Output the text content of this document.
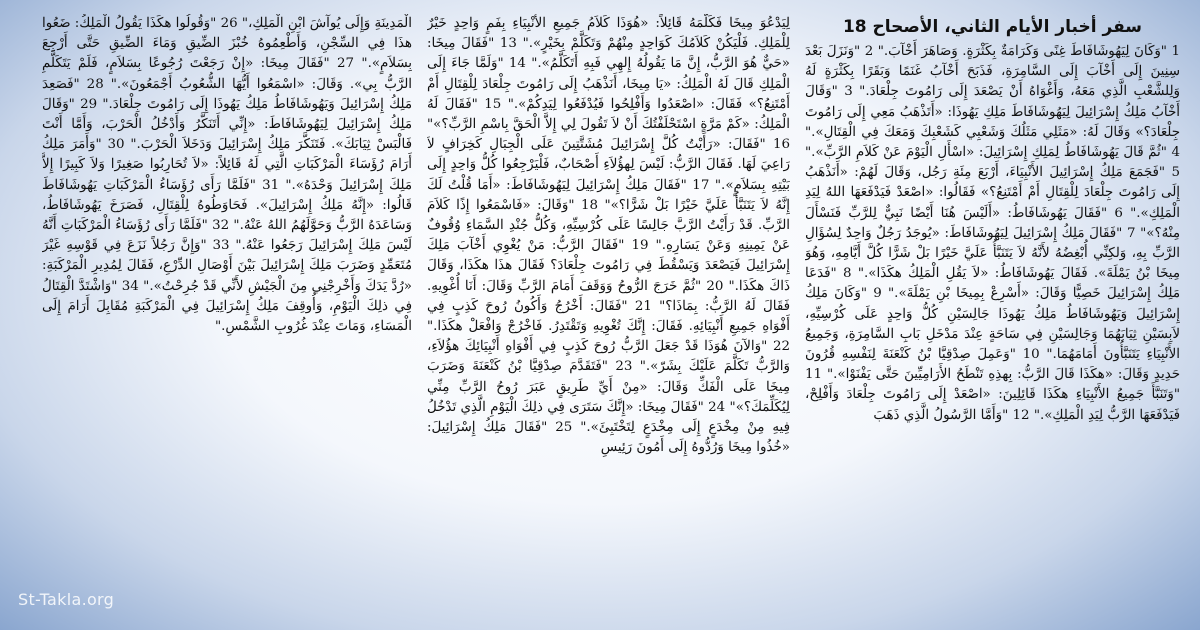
سفر أخبار الأيام الثاني، الأصحاح 18

1 "وَكَانَ لِيَهُوشَافَاطَ غِنًى وَكَرَامَةٌ بِكَثْرَةٍ. وَصَاهَرَ أَخْآبَ." 2 "وَنَزَلَ بَعْدَ سِنِينَ إِلَى أَخْآبَ إِلَى السَّامِرَةِ، فَذَبَحَ أَخْآبُ غَنَمًا وَبَقَرًا بِكَثْرَةٍ لَهُ وَلِلشَّعْبِ الَّذِي مَعَهُ، وَأَغْوَاهُ أَنْ يَصْعَدَ إِلَى رَامُوتَ جِلْعَادَ." 3 "وَقَالَ أَخْآبُ مَلِكُ إِسْرَائِيلَ لِيَهُوشَافَاطَ مَلِكِ يَهُوذَا: «أَتَذْهَبُ مَعِي إِلَى رَامُوتَ جِلْعَادَ؟» وَقَالَ لَهُ: «مَثَلِي مَثَلُكَ وَشَعْبِي كَشَعْبِكَ وَمَعَكَ فِي الْقِتَالِ»." 4 "ثُمَّ قَالَ يَهُوشَافَاطُ لِمَلِكِ إِسْرَائِيلَ: «اسْأَلِ الْيَوْمَ عَنْ كَلاَمِ الرَّبِّ»." 5 "فَجَمَعَ مَلِكُ إِسْرَائِيلَ الأَنْبِيَاءَ، أَرْبَعَ مِئَةِ رَجُل، وَقَالَ لَهُمْ: «أَنَذْهَبُ إِلَى رَامُوتَ جِلْعَادَ لِلْقِتَالِ أَمْ أَمْتَنِعُ؟» فَقَالُوا: «اصْعَدْ فَيَدْفَعَهَا اللهُ لِيَدِ الْمَلِكِ»." 6 "فَقَالَ يَهُوشَافَاطُ: «أَلَيْسَ هُنَا أَيْضًا نَبِيٌّ لِلرَّبِّ فَنَسْأَلَ مِنْهُ؟»" 7 "فَقَالَ مَلِكُ إِسْرَائِيلَ لِيَهُوشَافَاطَ: «يُوجَدُ رَجُلٌ وَاحِدٌ لِسُؤَالِ الرَّبِّ بِهِ، وَلكِنِّي أُبْغِضُهُ لأَنَّهُ لاَ يَتَنَبَّأُ عَلَيَّ خَيْرًا بَلْ شَرًّا كُلَّ أَيَّامِهِ، وَهُوَ مِيخَا بْنُ يَمْلَةَ». فَقَالَ يَهُوشَافَاطُ: «لاَ يَقُلِ الْمَلِكُ هكَذَا»." 8 "فَدَعَا مَلِكُ إِسْرَائِيلَ خَصِيًّا وَقَالَ: «أَسْرِعْ بِمِيخَا بْنِ يَمْلَةَ»." 9 "وَكَانَ مَلِكُ إِسْرَائِيلَ وَيَهُوشَافَاطُ مَلِكُ يَهُوذَا جَالِسَيْنِ كُلُّ وَاحِدٍ عَلَى كُرْسِيِّهِ، لاَبِسَيْنِ ثِيَابَهُمَا وَجَالِسَيْنِ فِي سَاحَةٍ عِنْدَ مَدْخَلِ بَابِ السَّامِرَةِ، وَجَمِيعُ الأَنْبِيَاءِ يَتَنَبَّأُونَ أَمَامَهُمَا." 10 "وَعَمِلَ صِدْقِيَّا بْنُ كَنْعَنَةَ لِنَفْسِهِ قُرُونَ حَدِيدٍ وَقَالَ: «هكَذَا قَالَ الرَّبُّ: بِهذِهِ تَنْطَحُ الأَرَامِيِّينَ حَتَّى يَفْنَوْا»." 11 "وَتَنَبَّأَ جَمِيعُ الأَنْبِيَاءِ هكَذَا قَائِلِينَ: «اصْعَدْ إِلَى رَامُوتَ جِلْعَادَ وَأَفْلِحْ، فَيَدْفَعَهَا الرَّبُّ لِيَدِ الْمَلِكِ»." 12 "وَأَمَّا الرَّسُولُ الَّذِي ذَهَبَ

لِيَدْعُوَ مِيخَا فَكَلَّمَهُ قَائِلاً: «هُوَذَا كَلاَمُ جَمِيعِ الأَنْبِيَاءِ بِفَمٍ وَاحِدٍ خَيْرٌ لِلْمَلِكِ. فَلْيَكُنْ كَلاَمُكَ كَوَاحِدٍ مِنْهُمْ وَتَكَلَّمْ بِخَيْرٍ»." 13 "فَقَالَ مِيخَا: «حَيٌّ هُوَ الرَّبُّ، إِنَّ مَا يَقُولُهُ إِلهِي فَبِهِ أَتَكَلَّمُ»." 14 "وَلَمَّا جَاءَ إِلَى الْمَلِكِ قَالَ لَهُ الْمَلِكُ: «يَا مِيخَا، أَنَذْهَبُ إِلَى رَامُوتَ جِلْعَادَ لِلْقِتَالِ أَمْ أَمْتَنِعُ؟» فَقَالَ: «اصْعَدُوا وَأَفْلِحُوا فَيُدْفَعُوا لِيَدِكُمْ»." 15 "فَقَالَ لَهُ الْمَلِكُ: «كَمْ مَرَّةٍ اسْتَحْلَفْتُكَ أَنْ لاَ تَقُولَ لِي إِلاَّ الْحَقَّ بِاسْمِ الرَّبِّ؟»" 16 "فَقَالَ: «رَأَيْتُ كُلَّ إِسْرَائِيلَ مُشَتَّتِينَ عَلَى الْجِبَالِ كَخِرَافٍ لاَ رَاعِيَ لَهَا. فَقَالَ الرَّبُّ: لَيْسَ لِهؤُلاَءِ أَصْحَابٌ، فَلْيَرْجِعُوا كُلُّ وَاحِدٍ إِلَى بَيْتِهِ بِسَلاَمٍ»." 17 "فَقَالَ مَلِكُ إِسْرَائِيلَ لِيَهُوشَافَاطَ: «أَمَا قُلْتُ لَكَ إِنَّهُ لاَ يَتَنَبَّأُ عَلَيَّ خَيْرًا بَلْ شَرًّا؟»" 18 "وَقَالَ: «فَاسْمَعُوا إِذًا كَلاَمَ الرَّبِّ. قَدْ رَأَيْتُ الرَّبَّ جَالِسًا عَلَى كُرْسِيِّهِ، وَكُلُّ جُنْدِ السَّمَاءِ وُقُوفٌ عَنْ يَمِينِهِ وَعَنْ يَسَارِهِ." 19 "فَقَالَ الرَّبُّ: مَنْ يُغْوِي أَخْآبَ مَلِكَ إِسْرَائِيلَ فَيَصْعَدَ وَيَسْقُطَ فِي رَامُوتَ جِلْعَادَ؟ فَقَالَ هذَا هكَذَا، وَقَالَ ذَاكَ هكَذَا." 20 "ثُمَّ خَرَجَ الرُّوحُ وَوَقَفَ أَمَامَ الرَّبِّ وَقَالَ: أَنَا أُغْوِيهِ. فَقَالَ لَهُ الرَّبُّ: بِمَاذَا؟" 21 "فَقَالَ: أَخْرُجُ وَأَكُونُ رُوحَ كَذِبٍ فِي أَفْوَاهِ جَمِيعِ أَنْبِيَائِهِ. فَقَالَ: إِنَّكَ تُغْوِيهِ وَتَقْتَدِرُ. فَاخْرُجْ وَافْعَلْ هكَذَا." 22 "وَالآنَ هُوَذَا قَدْ جَعَلَ الرَّبُّ رُوحَ كَذِبٍ فِي أَفْوَاهِ أَنْبِيَائِكَ هؤُلاَءِ، وَالرَّبُّ تَكَلَّمَ عَلَيْكَ بِشَرّ»." 23 "فَتَقَدَّمَ صِدْقِيَّا بْنُ كَنْعَنَةَ وَضَرَبَ مِيخَا عَلَى الْفَكِّ وَقَالَ: «مِنْ أَيِّ طَرِيقٍ عَبَرَ رُوحُ الرَّبِّ مِنِّي لِيُكَلِّمَكَ؟»" 24 "فَقَالَ مِيخَا: «إِنَّكَ سَتَرَى فِي ذلِكَ الْيَوْمِ الَّذِي تَدْخُلُ فِيهِ مِنْ مِخْدَعٍ إِلَى مِخْدَعٍ لِتَخْتَبِئَ»." 25 "فَقَالَ مَلِكُ إِسْرَائِيلَ: «خُذُوا مِيخَا وَرُدُّوهُ إِلَى أَمُونَ رَئِيسِ

الْمَدِينَةِ وَإِلَى يُوآشَ ابْنِ الْمَلِكِ،" 26 "وَقُولُوا هكَذَا يَقُولُ الْمَلِكُ: ضَعُوا هذَا فِي السِّجْنِ، وَأَطْعِمُوهُ خُبْزَ الضِّيقِ وَمَاءَ الضِّيقِ حَتَّى أَرْجِعَ بِسَلاَمٍ»." 27 "فَقَالَ مِيخَا: «إِنْ رَجَعْتَ رُجُوعًا بِسَلاَمٍ، فَلَمْ يَتَكَلَّمِ الرَّبُّ بِي». وَقَالَ: «اسْمَعُوا أَيُّهَا الشُّعُوبُ أَجْمَعُونَ»." 28 "فَصَعِدَ مَلِكُ إِسْرَائِيلَ وَيَهُوشَافَاطُ مَلِكُ يَهُوذَا إِلَى رَامُوتَ جِلْعَادَ." 29 "وَقَالَ مَلِكُ إِسْرَائِيلَ لِيَهُوشَافَاطَ: «إِنِّي أَتَنَكَّرُ وَأَدْخُلُ الْحَرْبَ، وَأَمَّا أَنْتَ فَالْبَسْ ثِيَابَكَ». فَتَنَكَّرَ مَلِكُ إِسْرَائِيلَ وَدَخَلاَ الْحَرْبَ." 30 "وَأَمَرَ مَلِكُ أَرَامَ رُؤَسَاءَ الْمَرْكَبَاتِ الَّتِي لَهُ قَائِلاً: «لاَ تُحَارِبُوا صَغِيرًا وَلاَ كَبِيرًا إِلاَّ مَلِكَ إِسْرَائِيلَ وَحْدَهُ»." 31 "فَلَمَّا رَأَى رُؤَسَاءُ الْمَرْكَبَاتِ يَهُوشَافَاطَ قَالُوا: «إِنَّهُ مَلِكُ إِسْرَائِيلَ». فَحَاوَطُوهُ لِلْقِتَالِ، فَصَرَخَ يَهُوشَافَاطُ، وَسَاعَدَهُ الرَّبُّ وَحَوَّلَهُمُ اللهُ عَنْهُ." 32 "فَلَمَّا رَأَى رُؤَسَاءُ الْمَرْكَبَاتِ أَنَّهُ لَيْسَ مَلِكَ إِسْرَائِيلَ رَجَعُوا عَنْهُ." 33 "وَإِنَّ رَجُلاً نَزَعَ فِي قَوْسِهِ غَيْرَ مُتَعَمِّدٍ وَضَرَبَ مَلِكَ إِسْرَائِيلَ بَيْنَ أَوْصَالِ الدِّرْعِ، فَقَالَ لِمُدِيرِ الْمَرْكَبَةِ: «رُدَّ يَدَكَ وَأَخْرِجْنِي مِنَ الْجَيْشِ لأَنِّي قَدْ جُرِحْتُ»." 34 "وَاشْتَدَّ الْقِتَالُ فِي ذلِكَ الْيَوْمِ، وَأُوقِفَ مَلِكُ إِسْرَائِيلَ فِي الْمَرْكَبَةِ مُقَابِلَ أَرَامَ إِلَى الْمَسَاءِ، وَمَاتَ عِنْدَ غُرُوبِ الشَّمْسِ."

St-Takla.org
